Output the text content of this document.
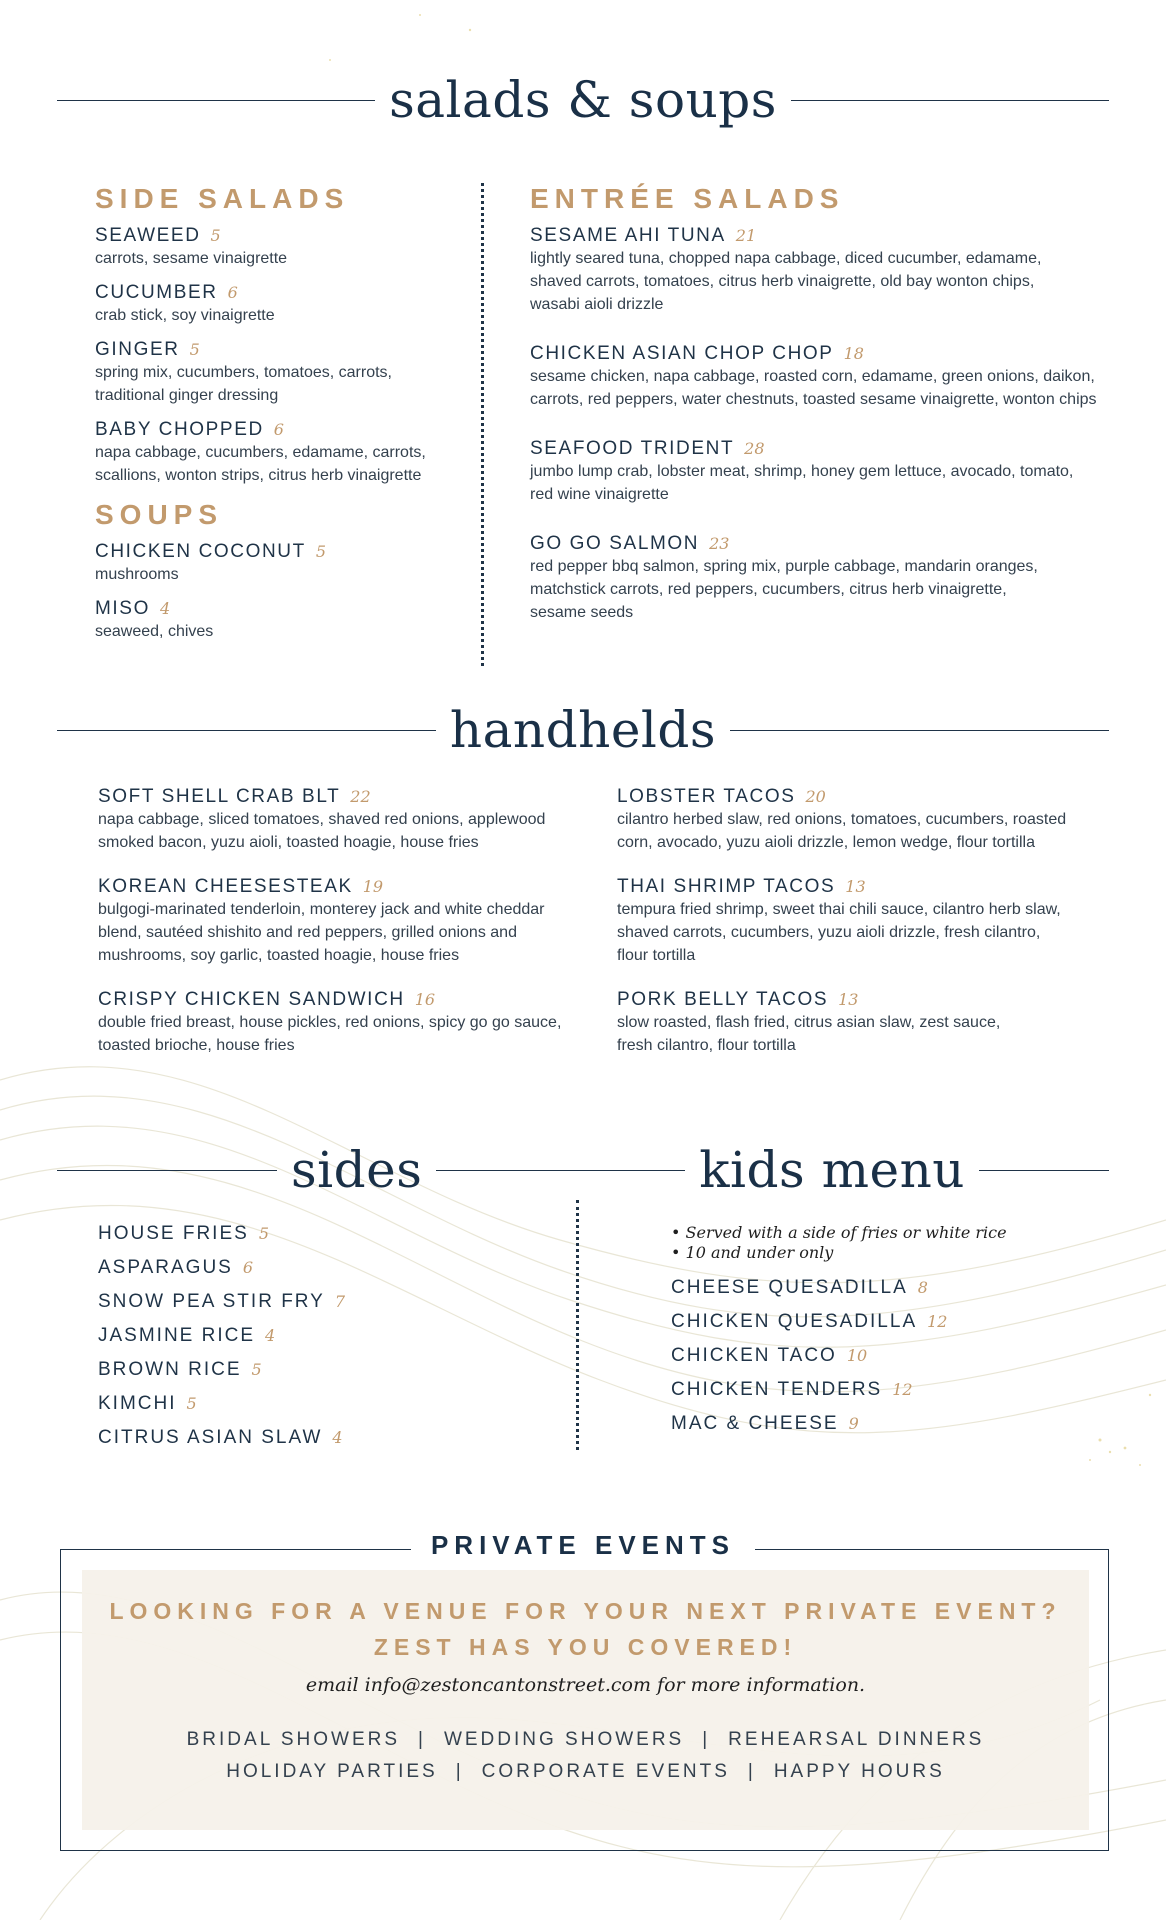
salads & soups
SIDE SALADS
SEAWEED 5
carrots, sesame vinaigrette
CUCUMBER 6
crab stick, soy vinaigrette
GINGER 5
spring mix, cucumbers, tomatoes, carrots,
traditional ginger dressing
BABY CHOPPED 6
napa cabbage, cucumbers, edamame, carrots,
scallions, wonton strips, citrus herb vinaigrette
SOUPS
CHICKEN COCONUT 5
mushrooms
MISO 4
seaweed, chives
ENTRÉE SALADS
SESAME AHI TUNA 21
lightly seared tuna, chopped napa cabbage, diced cucumber, edamame,
shaved carrots, tomatoes, citrus herb vinaigrette, old bay wonton chips,
wasabi aioli drizzle
CHICKEN ASIAN CHOP CHOP 18
sesame chicken, napa cabbage, roasted corn, edamame, green onions, daikon,
carrots, red peppers, water chestnuts, toasted sesame vinaigrette, wonton chips
SEAFOOD TRIDENT 28
jumbo lump crab, lobster meat, shrimp, honey gem lettuce, avocado, tomato,
red wine vinaigrette
GO GO SALMON 23
red pepper bbq salmon, spring mix, purple cabbage, mandarin oranges,
matchstick carrots, red peppers, cucumbers, citrus herb vinaigrette,
sesame seeds
handhelds
SOFT SHELL CRAB BLT 22
napa cabbage, sliced tomatoes, shaved red onions, applewood
smoked bacon, yuzu aioli, toasted hoagie, house fries
KOREAN CHEESESTEAK 19
bulgogi-marinated tenderloin, monterey jack and white cheddar
blend, sautéed shishito and red peppers, grilled onions and
mushrooms, soy garlic, toasted hoagie, house fries
CRISPY CHICKEN SANDWICH 16
double fried breast, house pickles, red onions, spicy go go sauce,
toasted brioche, house fries
LOBSTER TACOS 20
cilantro herbed slaw, red onions, tomatoes, cucumbers, roasted
corn, avocado, yuzu aioli drizzle, lemon wedge, flour tortilla
THAI SHRIMP TACOS 13
tempura fried shrimp, sweet thai chili sauce, cilantro herb slaw,
shaved carrots, cucumbers, yuzu aioli drizzle, fresh cilantro,
flour tortilla
PORK BELLY TACOS 13
slow roasted, flash fried, citrus asian slaw, zest sauce,
fresh cilantro, flour tortilla
sides	kids menu
HOUSE FRIES 5
ASPARAGUS 6
SNOW PEA STIR FRY 7
JASMINE RICE 4
BROWN RICE 5
KIMCHI 5
CITRUS ASIAN SLAW 4
• Served with a side of fries or white rice
• 10 and under only
CHEESE QUESADILLA 8
CHICKEN QUESADILLA 12
CHICKEN TACO 10
CHICKEN TENDERS 12
MAC & CHEESE 9
PRIVATE EVENTS
LOOKING FOR A VENUE FOR YOUR NEXT PRIVATE EVENT?
ZEST HAS YOU COVERED!
email info@zestoncantonstreet.com for more information.
BRIDAL SHOWERS | WEDDING SHOWERS | REHEARSAL DINNERS
HOLIDAY PARTIES | CORPORATE EVENTS | HAPPY HOURS
